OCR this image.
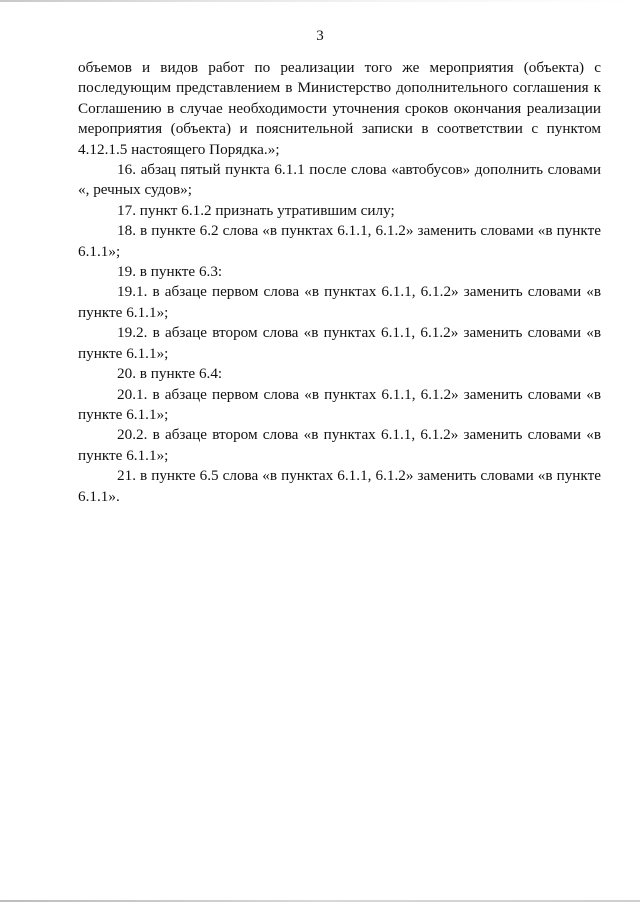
3

объемов и видов работ по реализации того же мероприятия (объекта) с последующим представлением в Министерство дополнительного соглашения к Соглашению в случае необходимости уточнения сроков окончания реализации мероприятия (объекта) и пояснительной записки в соответствии с пунктом 4.12.1.5 настоящего Порядка.»;

16. абзац пятый пункта 6.1.1 после слова «автобусов» дополнить словами «, речных судов»;

17. пункт 6.1.2 признать утратившим силу;

18. в пункте 6.2 слова «в пунктах 6.1.1, 6.1.2» заменить словами «в пункте 6.1.1»;

19. в пункте 6.3:

19.1. в абзаце первом слова «в пунктах 6.1.1, 6.1.2» заменить словами «в пункте 6.1.1»;

19.2. в абзаце втором слова «в пунктах 6.1.1, 6.1.2» заменить словами «в пункте 6.1.1»;

20. в пункте 6.4:

20.1. в абзаце первом слова «в пунктах 6.1.1, 6.1.2» заменить словами «в пункте 6.1.1»;

20.2. в абзаце втором слова «в пунктах 6.1.1, 6.1.2» заменить словами «в пункте 6.1.1»;

21. в пункте 6.5 слова «в пунктах 6.1.1, 6.1.2» заменить словами «в пункте 6.1.1».
